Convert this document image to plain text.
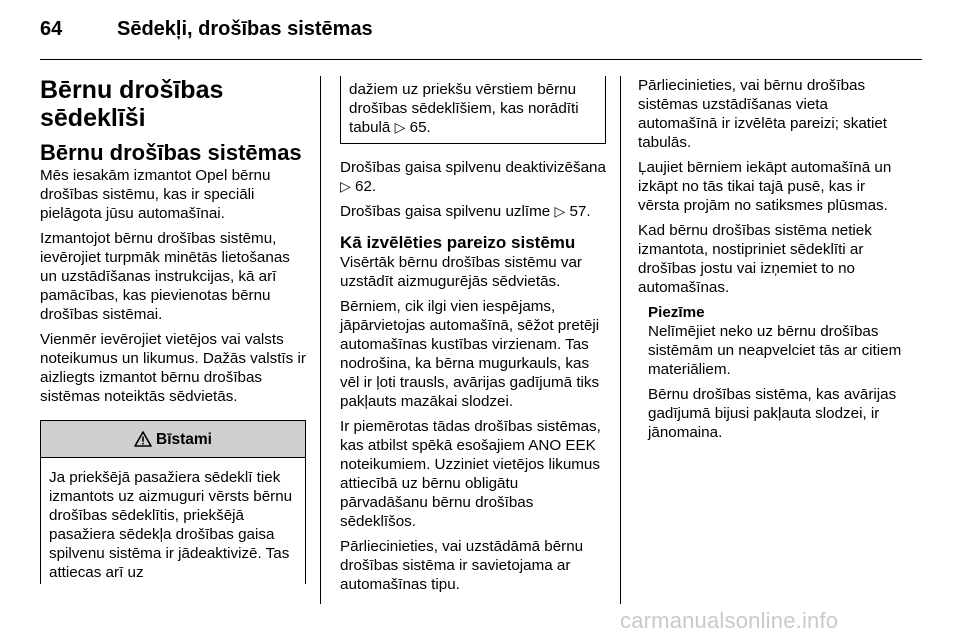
64	Sēdekļi, drošības sistēmas
Bērnu drošības sēdeklīši
Bērnu drošības sistēmas

Mēs iesakām izmantot Opel bērnu drošības sistēmu, kas ir speciāli pielāgota jūsu automašīnai.

Izmantojot bērnu drošības sistēmu, ievērojiet turpmāk minētās lietošanas un uzstādīšanas instrukcijas, kā arī pamācības, kas pievienotas bērnu drošības sistēmai.

Vienmēr ievērojiet vietējos vai valsts noteikumus un likumus. Dažās valstīs ir aizliegts izmantot bērnu drošības sistēmas noteiktās sēdvietās.

Bīstami
Ja priekšējā pasažiera sēdeklī tiek izmantots uz aizmuguri vērsts bērnu drošības sēdeklītis, priekšējā pasažiera sēdekļa drošības gaisa spilvenu sistēma ir jādeaktivizē. Tas attiecas arī uz
dažiem uz priekšu vērstiem bērnu drošības sēdeklīšiem, kas norādīti tabulā ▷ 65.

Drošības gaisa spilvenu deaktivizēšana ▷ 62.

Drošības gaisa spilvenu uzlīme ▷ 57.

Kā izvēlēties pareizo sistēmu

Visērtāk bērnu drošības sistēmu var uzstādīt aizmugurējās sēdvietās.

Bērniem, cik ilgi vien iespējams, jāpārvietojas automašīnā, sēžot pretēji automašīnas kustības virzienam. Tas nodrošina, ka bērna mugurkauls, kas vēl ir ļoti trausls, avārijas gadījumā tiks pakļauts mazākai slodzei.

Ir piemērotas tādas drošības sistēmas, kas atbilst spēkā esošajiem ANO EEK noteikumiem. Uzziniet vietējos likumus attiecībā uz bērnu obligātu pārvadāšanu bērnu drošības sēdeklīšos.

Pārliecinieties, vai uzstādāmā bērnu drošības sistēma ir savietojama ar automašīnas tipu.

Pārliecinieties, vai bērnu drošības sistēmas uzstādīšanas vieta automašīnā ir izvēlēta pareizi; skatiet tabulās.

Ļaujiet bērniem iekāpt automašīnā un izkāpt no tās tikai tajā pusē, kas ir vērsta projām no satiksmes plūsmas.

Kad bērnu drošības sistēma netiek izmantota, nostipriniet sēdeklīti ar drošības jostu vai izņemiet to no automašīnas.

Piezīme

Nelīmējiet neko uz bērnu drošības sistēmām un neapvelciet tās ar citiem materiāliem.

Bērnu drošības sistēma, kas avārijas gadījumā bijusi pakļauta slodzei, ir jānomaina.

carmanualsonline.info
